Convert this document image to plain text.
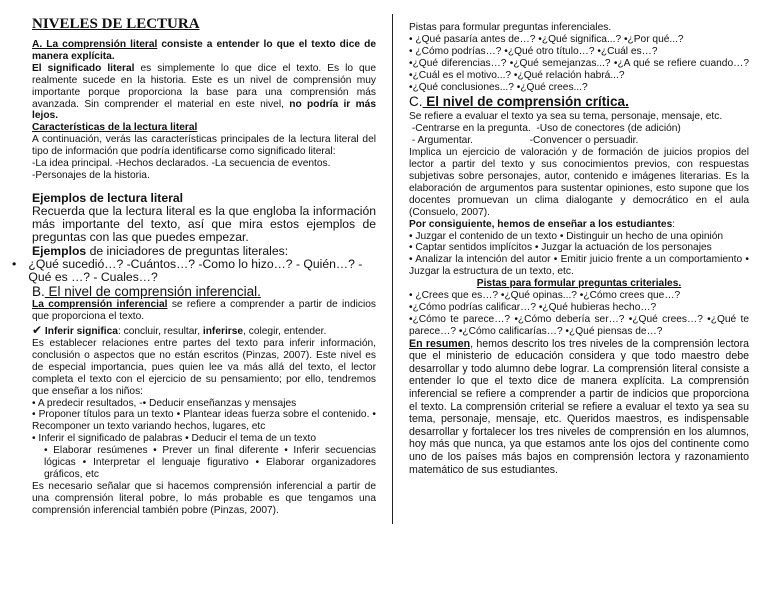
NIVELES DE LECTURA

A. La comprensión literal consiste a entender lo que el texto dice de manera explícita.

El significado literal es simplemente lo que dice el texto. Es lo que realmente sucede en la historia. Este es un nivel de comprensión muy importante porque proporciona la base para una comprensión más avanzada. Sin comprender el material en este nivel, no podría ir más lejos.

Características de la lectura literal

A continuación, verás las características principales de la lectura literal del tipo de información que podría identificarse como significado literal:

-La idea principal. -Hechos declarados. -La secuencia de eventos.

-Personajes de la historia.

Ejemplos de lectura literal

Recuerda que la lectura literal es la que engloba la información más importante del texto, así que mira estos ejemplos de preguntas con las que puedes empezar.

Ejemplos de iniciadores de preguntas literales:

• ¿Qué sucedió…? -Cuántos…? -Como lo hizo…? - Quién…? - Qué es …? - Cuales…?

B. El nivel de comprensión inferencial.

La comprensión inferencial se refiere a comprender a partir de indicios que proporciona el texto.

✔ Inferir significa: concluir, resultar, inferirse, colegir, entender.

Es establecer relaciones entre partes del texto para inferir información, conclusión o aspectos que no están escritos (Pinzas, 2007). Este nivel es de especial importancia, pues quien lee va más allá del texto, el lector completa el texto con el ejercicio de su pensamiento; por ello, tendremos que enseñar a los niños:

• A predecir resultados, -• Deducir enseñanzas y mensajes

• Proponer títulos para un texto • Plantear ideas fuerza sobre el contenido. • Recomponer un texto variando hechos, lugares, etc

• Inferir el significado de palabras • Deducir el tema de un texto

• Elaborar resúmenes • Prever un final diferente • Inferir secuencias lógicas • Interpretar el lenguaje figurativo • Elaborar organizadores gráficos, etc

Es necesario señalar que si hacemos comprensión inferencial a partir de una comprensión literal pobre, lo más probable es que tengamos una comprensión inferencial también pobre (Pinzas, 2007).

Pistas para formular preguntas inferenciales.

• ¿Qué pasaría antes de…? •¿Qué significa...? •¿Por qué...?

• ¿Cómo podrías…? •¿Qué otro título…? •¿Cuál es…?

•¿Qué diferencias…? •¿Qué semejanzas...? •¿A qué se refiere cuando…? •¿Cuál es el motivo...? •¿Qué relación habrá...?

•¿Qué conclusiones...? •¿Qué crees...?

C. El nivel de comprensión crítica.

Se refiere a evaluar el texto ya sea su tema, personaje, mensaje, etc.

-Centrarse en la pregunta.  -Uso de conectores (de adición)

- Argumentar.                    -Convencer o persuadir.

Implica un ejercicio de valoración y de formación de juicios propios del lector a partir del texto y sus conocimientos previos, con respuestas subjetivas sobre personajes, autor, contenido e imágenes literarias. Es la elaboración de argumentos para sustentar opiniones, esto supone que los docentes promuevan un clima dialogante y democrático en el aula (Consuelo, 2007).

Por consiguiente, hemos de enseñar a los estudiantes:

• Juzgar el contenido de un texto • Distinguir un hecho de una opinión

• Captar sentidos implícitos • Juzgar la actuación de los personajes

• Analizar la intención del autor • Emitir juicio frente a un comportamiento • Juzgar la estructura de un texto, etc.

Pistas para formular preguntas criteriales.

• ¿Crees que es…? •¿Qué opinas...? •¿Cómo crees que…?

•¿Cómo podrías calificar…? •¿Qué hubieras hecho…?

•¿Cómo te parece…? •¿Cómo debería ser…? •¿Qué crees…? •¿Qué te parece…? •¿Cómo calificarías…? •¿Qué piensas de…?

En resumen, hemos descrito los tres niveles de la comprensión lectora que el ministerio de educación considera y que todo maestro debe desarrollar y todo alumno debe lograr. La comprensión literal consiste a entender lo que el texto dice de manera explícita. La comprensión inferencial se refiere a comprender a partir de indicios que proporciona el texto. La comprensión criterial se refiere a evaluar el texto ya sea su tema, personaje, mensaje, etc. Queridos maestros, es indispensable desarrollar y fortalecer los tres niveles de comprensión en los alumnos, hoy más que nunca, ya que estamos ante los ojos del continente como uno de los países más bajos en comprensión lectora y razonamiento matemático de sus estudiantes.
